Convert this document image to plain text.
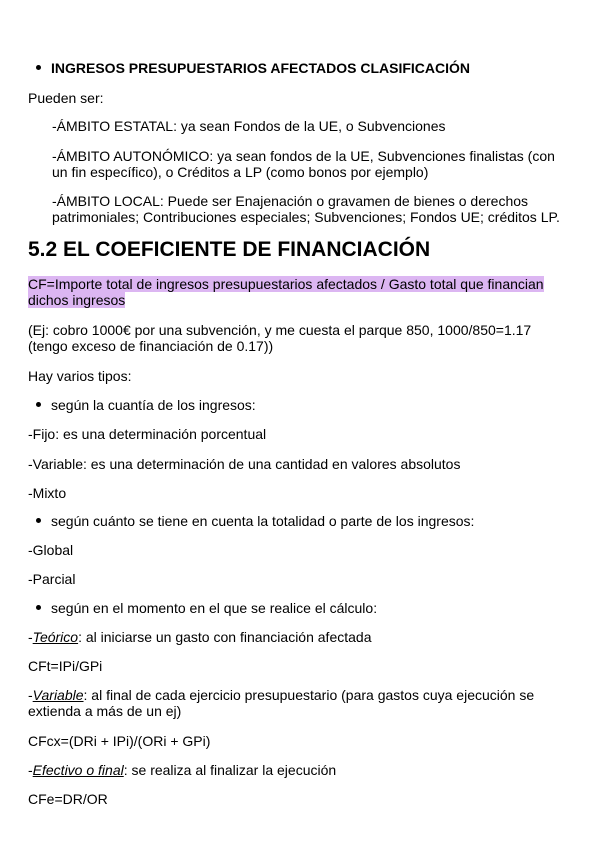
INGRESOS PRESUPUESTARIOS AFECTADOS CLASIFICACIÓN

Pueden ser:

-ÁMBITO ESTATAL: ya sean Fondos de la UE, o Subvenciones

-ÁMBITO AUTONÓMICO: ya sean fondos de la UE, Subvenciones finalistas (con un fin específico), o Créditos a LP (como bonos por ejemplo)

-ÁMBITO LOCAL: Puede ser Enajenación o gravamen de bienes o derechos patrimoniales; Contribuciones especiales; Subvenciones; Fondos UE; créditos LP.

5.2 EL COEFICIENTE DE FINANCIACIÓN

CF=Importe total de ingresos presupuestarios afectados / Gasto total que financian dichos ingresos

(Ej: cobro 1000€ por una subvención, y me cuesta el parque 850, 1000/850=1.17 (tengo exceso de financiación de 0.17))

Hay varios tipos:

según la cuantía de los ingresos:

-Fijo: es una determinación porcentual

-Variable: es una determinación de una cantidad en valores absolutos

-Mixto

según cuánto se tiene en cuenta la totalidad o parte de los ingresos:

-Global

-Parcial

según en el momento en el que se realice el cálculo:

-Teórico: al iniciarse un gasto con financiación afectada

CFt=IPi/GPi

-Variable: al final de cada ejercicio presupuestario (para gastos cuya ejecución se extienda a más de un ej)

CFcx=(DRi + IPi)/(ORi + GPi)

-Efectivo o final: se realiza al finalizar la ejecución

CFe=DR/OR
